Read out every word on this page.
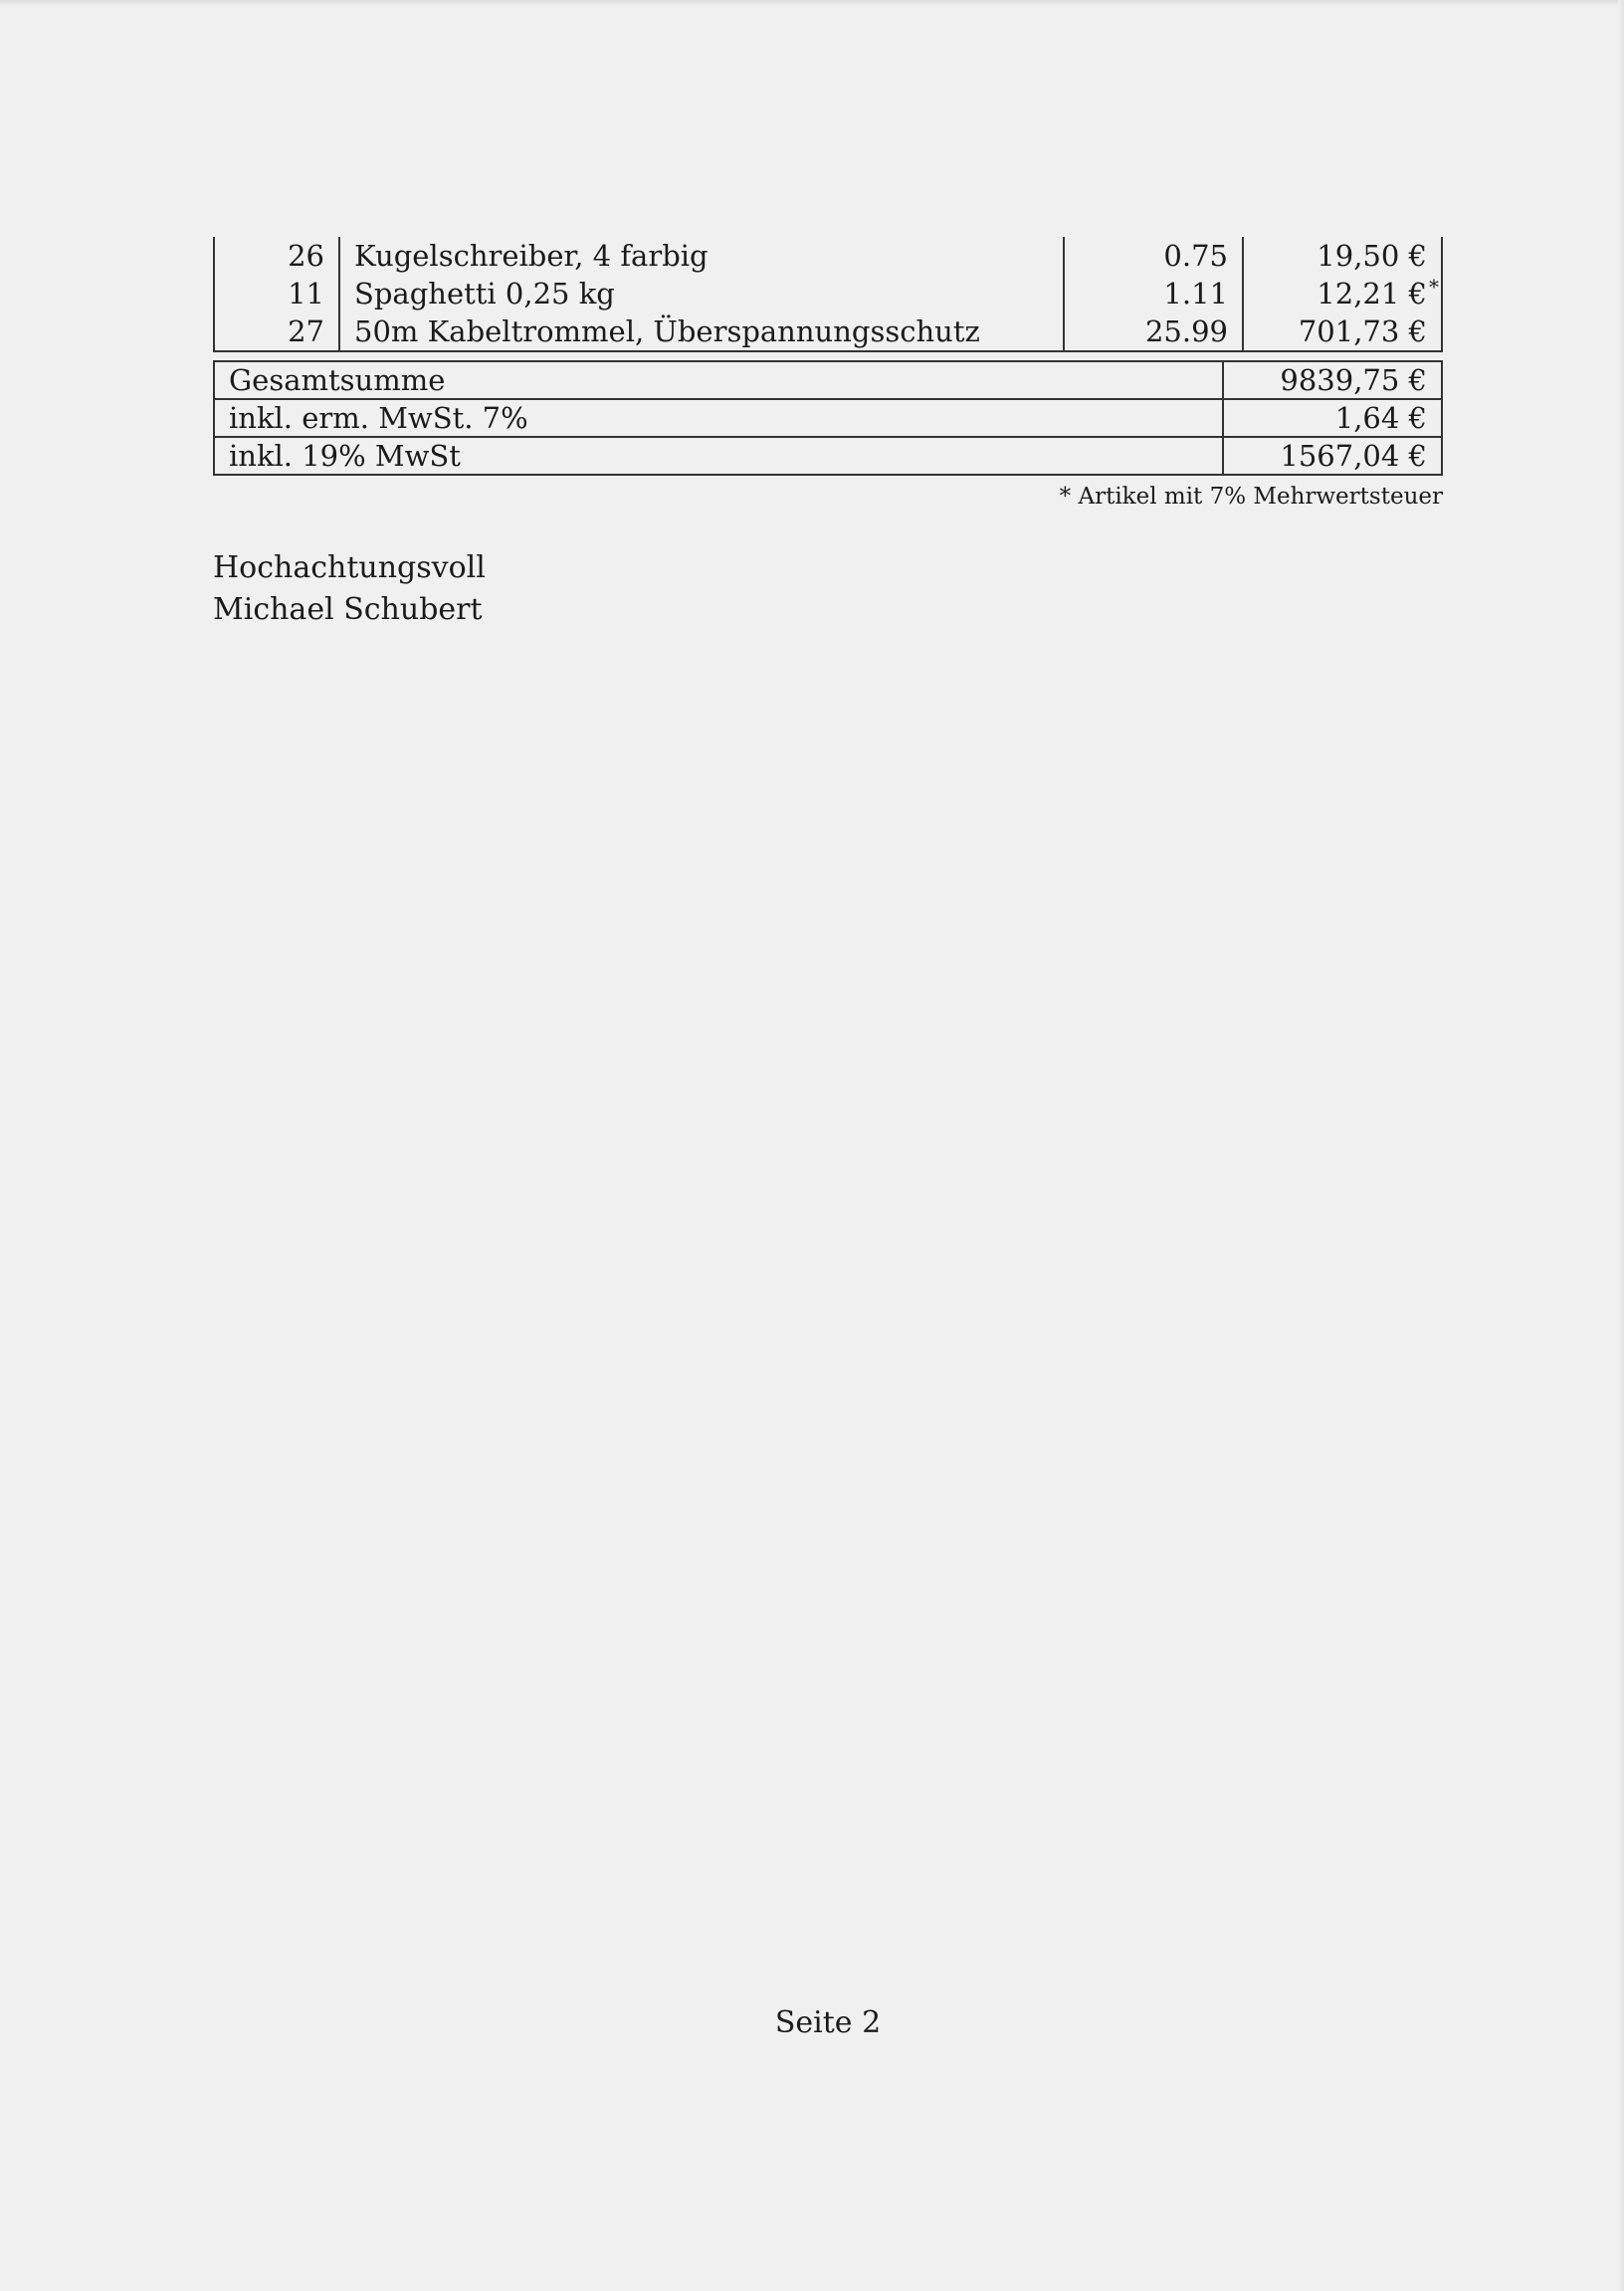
26	Kugelschreiber, 4 farbig	0.75	19,50 €

11	Spaghetti 0,25 kg	1.11	12,21 € *

27	50m Kabeltrommel, Überspannungsschutz	25.99	701,73 €
Gesamtsumme	9839,75 €
inkl. erm. MwSt. 7%	1,64 €
inkl. 19% MwSt	1567,04 €
* Artikel mit 7% Mehrwertsteuer
Hochachtungsvoll
Michael Schubert
Seite 2
